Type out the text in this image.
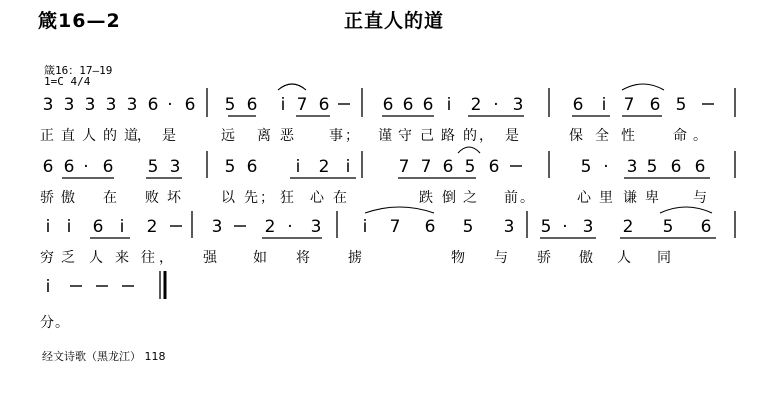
箴16—2	正直人的道
箴16：17—19
1=C 4/4
3 3 3 3 3 6 · 6 5 6 i 7 6	6 6 6 i 2 · 3	6 i 7 6 5
正 直 人 的 道 ， 是	远 离 恶	事 ； 谨 守 己 路 的 ， 是	保 全 性	命 。
6 6 · 6 5 3	5 6 i 2 i	7 7 6 5 6	5 · 3 5 6 6
骄 傲 在 败 坏	以 先 ； 狂 心 在	跌 倒 之 前 。	心 里 谦 卑 与
i i 6 i 2	3 2 · 3 i 7 6 5 3 5 · 3 2 5 6
穷 乏 人 来 往 ， 强	如 将	掳	物 与 骄 傲 人 同
i
分 。
经文诗歌（黑龙江） 118
